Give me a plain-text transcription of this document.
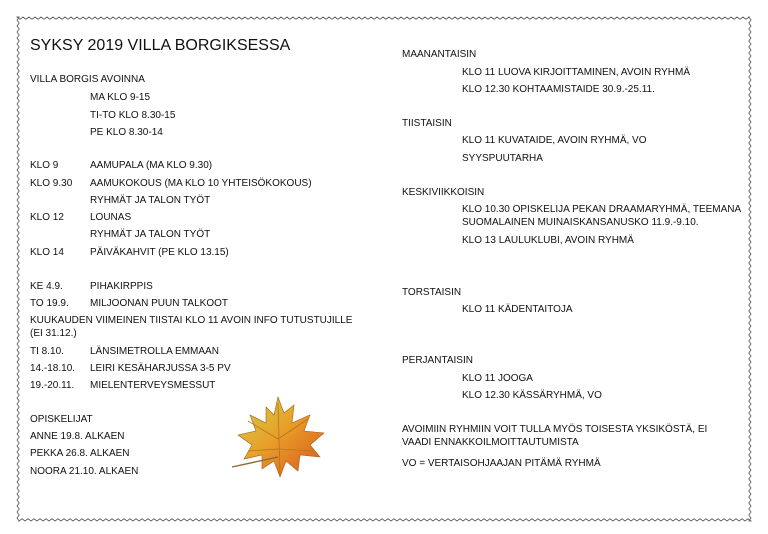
SYKSY 2019 VILLA BORGIKSESSA
VILLA BORGIS AVOINNA
MA KLO 9-15
TI-TO KLO 8.30-15
PE KLO 8.30-14
KLO 9	AAMUPALA (MA KLO 9.30)
KLO 9.30 AAMUKOKOUS (MA KLO 10 YHTEISÖKOKOUS)
RYHMÄT JA TALON TYÖT
KLO 12	LOUNAS
RYHMÄT JA TALON TYÖT
KLO 14	PÄIVÄKAHVIT (PE KLO 13.15)
KE 4.9.	PIHAKIRPPIS
TO 19.9. MILJOONAN PUUN TALKOOT
KUUKAUDEN VIIMEINEN TIISTAI KLO 11 AVOIN INFO TUTUSTUJILLE (EI 31.12.)
TI 8.10.	LÄNSIMETROLLA EMMAAN
14.-18.10. LEIRI KESÄHARJUSSA 3-5 PV
19.-20.11. MIELENTERVEYSMESSUT
OPISKELIJAT
ANNE 19.8. ALKAEN
PEKKA 26.8. ALKAEN
NOORA 21.10. ALKAEN
MAANANTAISIN
KLO 11 LUOVA KIRJOITTAMINEN, AVOIN RYHMÄ
KLO 12.30 KOHTAAMISTAIDE 30.9.-25.11.
TIISTAISIN
KLO 11 KUVATAIDE, AVOIN RYHMÄ, VO
SYYSPUUTARHA
KESKIVIIKKOISIN
KLO 10.30 OPISKELIJA PEKAN DRAAMARYHMÄ, TEEMANA SUOMALAINEN MUINAISKANSANUSKO 11.9.-9.10.
KLO 13 LAULUKLUBI, AVOIN RYHMÄ
TORSTAISIN
KLO 11 KÄDENTAITOJA
PERJANTAISIN
KLO 11 JOOGA
KLO 12.30 KÄSSÄRYHMÄ, VO
AVOIMIIN RYHMIIN VOIT TULLA MYÖS TOISESTA YKSIKÖSTÄ, EI VAADI ENNAKKOILMOITTAUTUMISTA
VO = VERTAISOHJAAJAN PITÄMÄ RYHMÄ
